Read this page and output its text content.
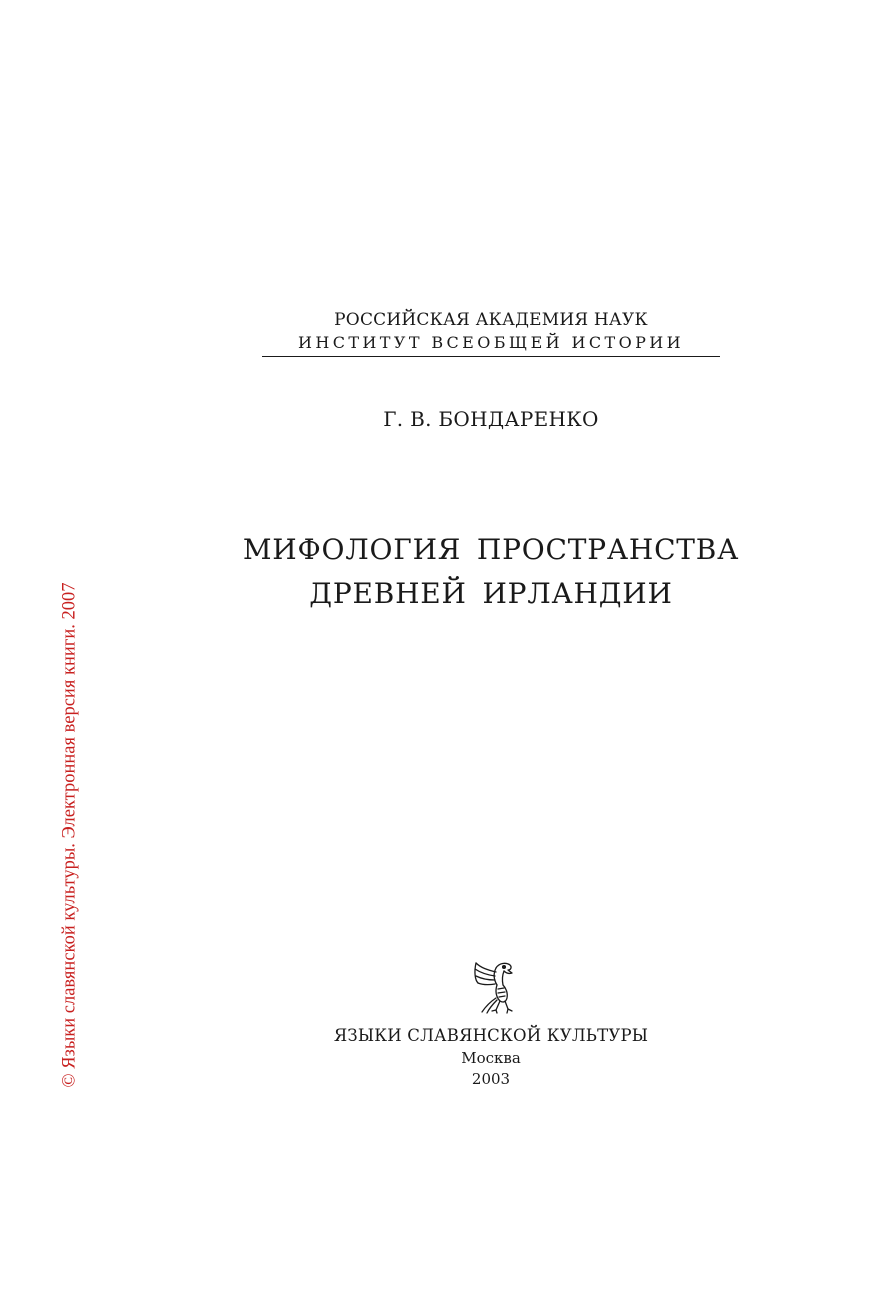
РОССИЙСКАЯ АКАДЕМИЯ НАУК
ИНСТИТУТ ВСЕОБЩЕЙ ИСТОРИИ
Г. В. БОНДАРЕНКО
МИФОЛОГИЯ ПРОСТРАНСТВА
ДРЕВНЕЙ ИРЛАНДИИ
ЯЗЫКИ СЛАВЯНСКОЙ КУЛЬТУРЫ
Москва
2003
© Языки славянской культуры. Электронная версия книги. 2007
